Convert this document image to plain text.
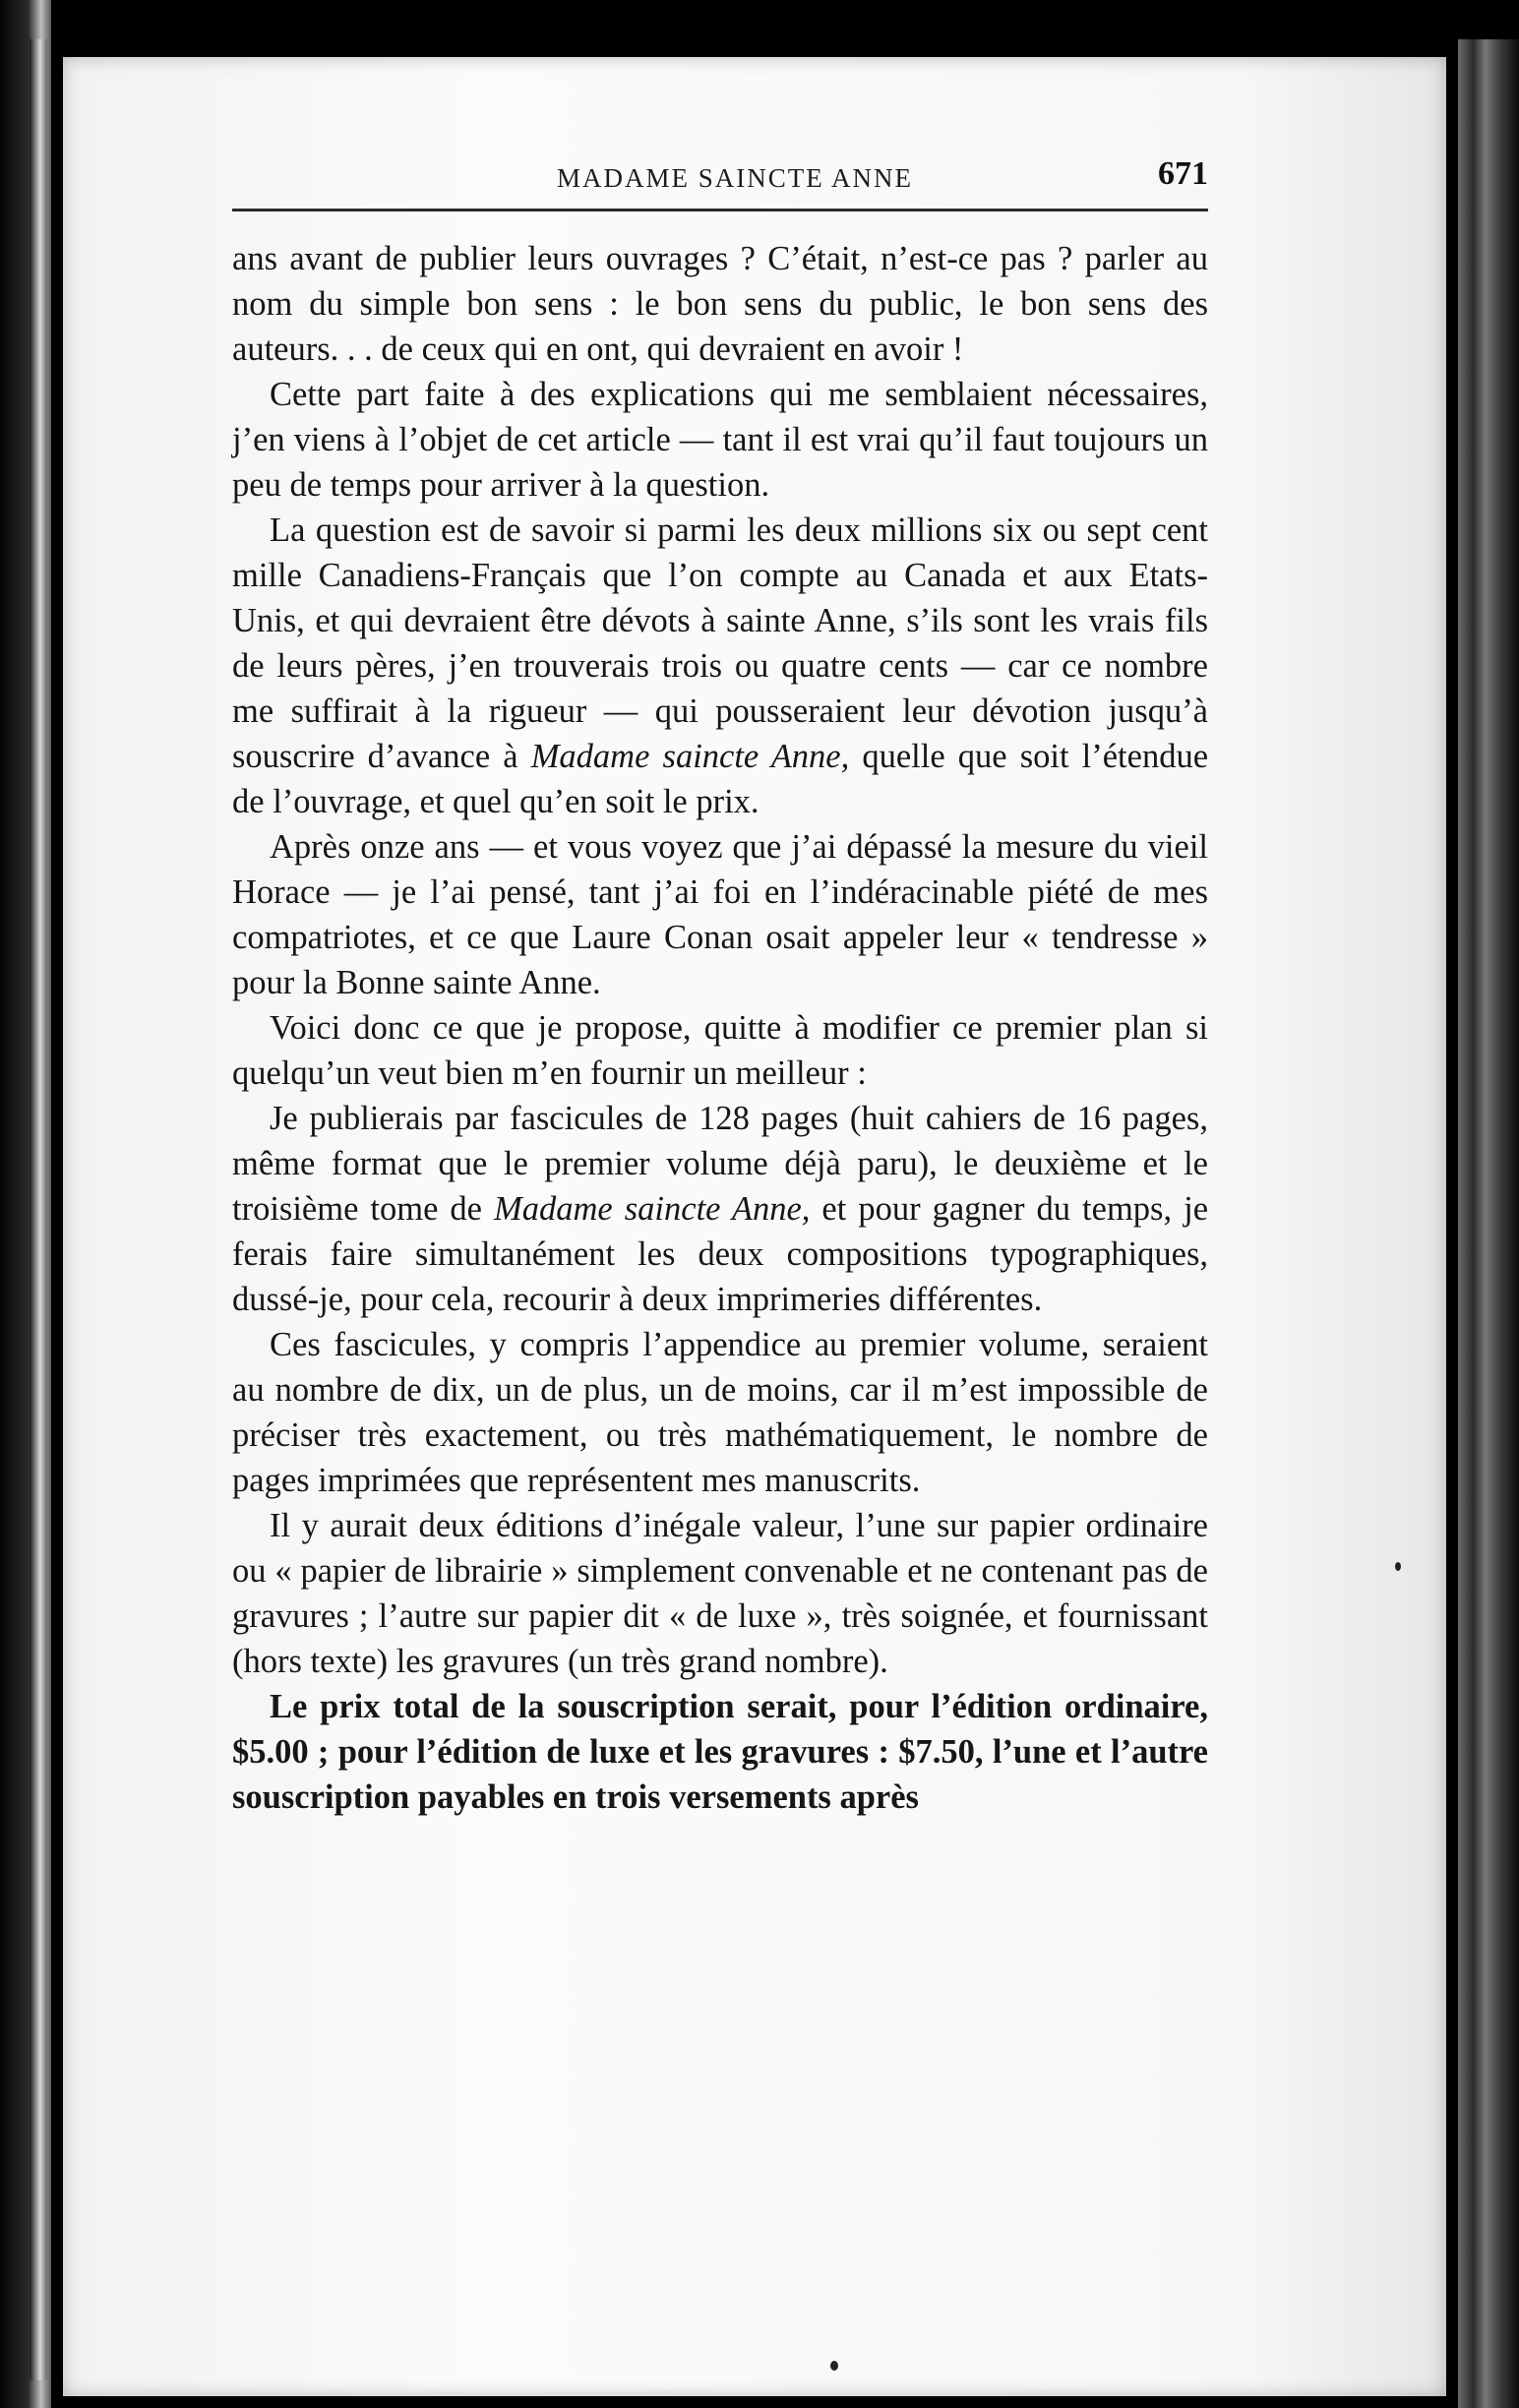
MADAME SAINCTE ANNE	671

ans avant de publier leurs ouvrages ? C’était, n’est-ce pas ? parler au nom du simple bon sens : le bon sens du public, le bon sens des auteurs. . . de ceux qui en ont, qui devraient en avoir !

Cette part faite à des explications qui me semblaient nécessaires, j’en viens à l’objet de cet article — tant il est vrai qu’il faut toujours un peu de temps pour arriver à la question.

La question est de savoir si parmi les deux millions six ou sept cent mille Canadiens-Français que l’on compte au Canada et aux Etats-Unis, et qui devraient être dévots à sainte Anne, s’ils sont les vrais fils de leurs pères, j’en trouverais trois ou quatre cents — car ce nombre me suffirait à la rigueur — qui pousseraient leur dévotion jusqu’à souscrire d’avance à Madame saincte Anne, quelle que soit l’étendue de l’ouvrage, et quel qu’en soit le prix.

Après onze ans — et vous voyez que j’ai dépassé la mesure du vieil Horace — je l’ai pensé, tant j’ai foi en l’indéracinable piété de mes compatriotes, et ce que Laure Conan osait appeler leur « tendresse » pour la Bonne sainte Anne.

Voici donc ce que je propose, quitte à modifier ce premier plan si quelqu’un veut bien m’en fournir un meilleur :

Je publierais par fascicules de 128 pages (huit cahiers de 16 pages, même format que le premier volume déjà paru), le deuxième et le troisième tome de Madame saincte Anne, et pour gagner du temps, je ferais faire simultanément les deux compositions typographiques, dussé-je, pour cela, recourir à deux imprimeries différentes.

Ces fascicules, y compris l’appendice au premier volume, seraient au nombre de dix, un de plus, un de moins, car il m’est impossible de préciser très exactement, ou très mathématiquement, le nombre de pages imprimées que représentent mes manuscrits.

Il y aurait deux éditions d’inégale valeur, l’une sur papier ordinaire ou « papier de librairie » simplement convenable et ne contenant pas de gravures ; l’autre sur papier dit « de luxe », très soignée, et fournissant (hors texte) les gravures (un très grand nombre).

Le prix total de la souscription serait, pour l’édition ordinaire, $5.00 ; pour l’édition de luxe et les gravures : $7.50, l’une et l’autre souscription payables en trois versements après
